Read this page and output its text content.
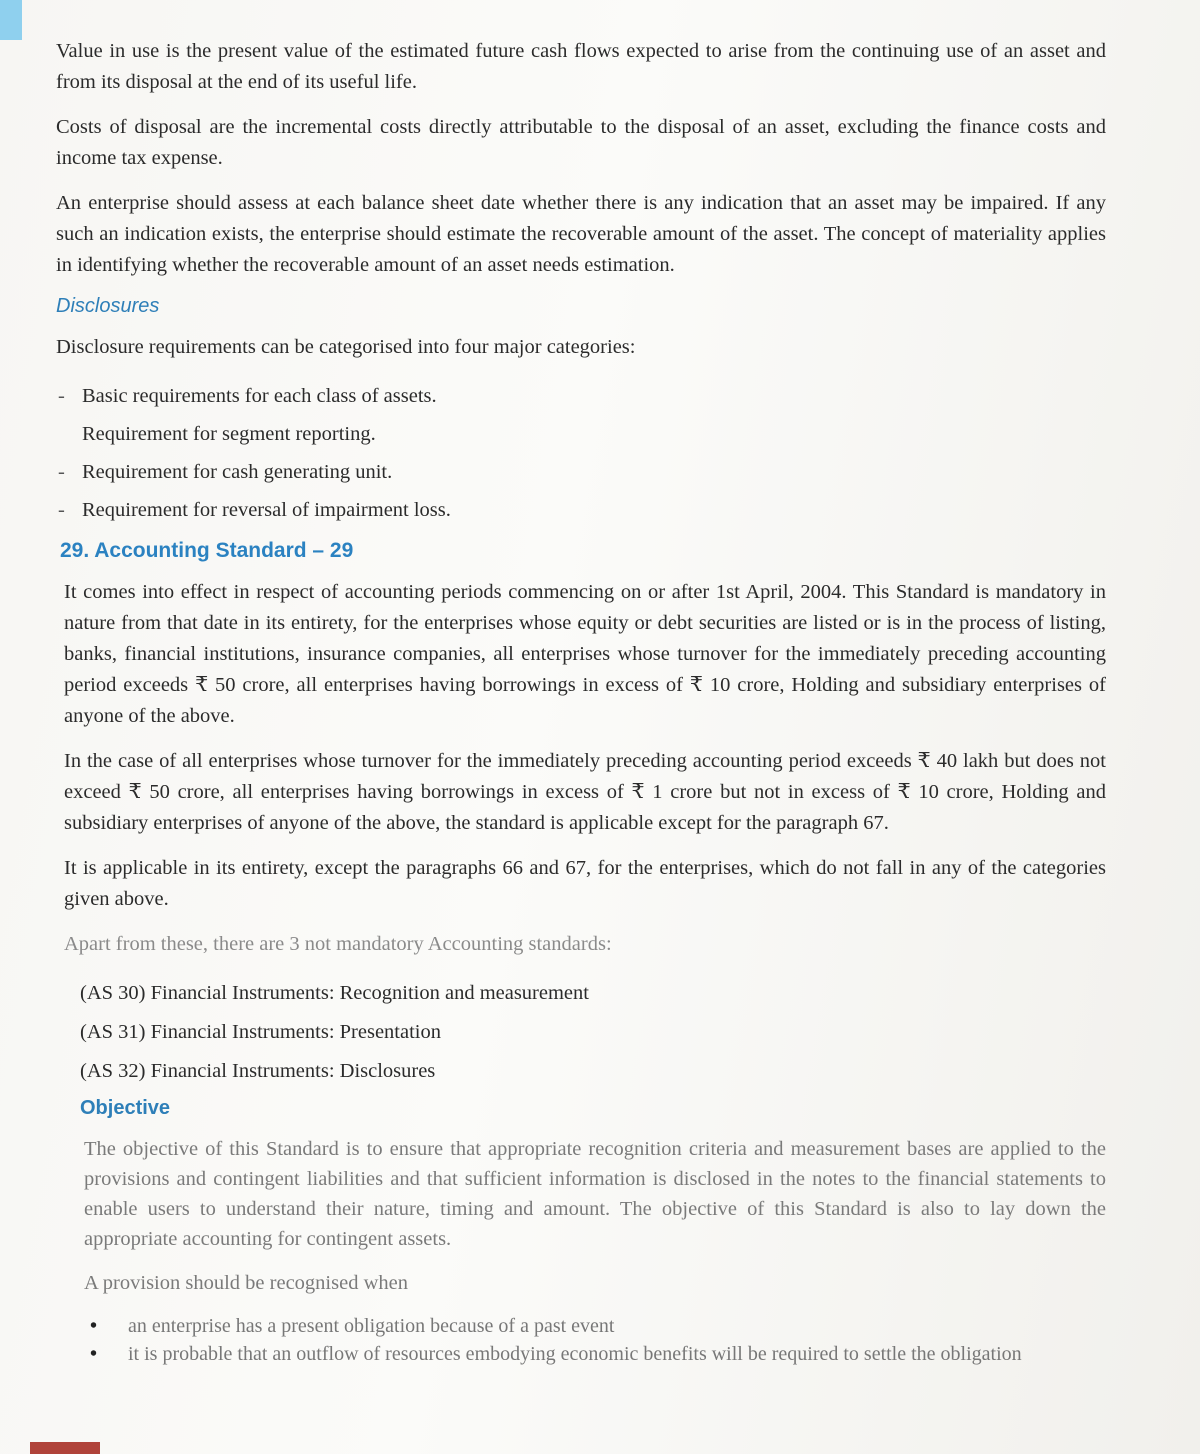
Value in use is the present value of the estimated future cash flows expected to arise from the continuing use of an asset and from its disposal at the end of its useful life.

Costs of disposal are the incremental costs directly attributable to the disposal of an asset, excluding the finance costs and income tax expense.

An enterprise should assess at each balance sheet date whether there is any indication that an asset may be impaired. If any such an indication exists, the enterprise should estimate the recoverable amount of the asset. The concept of materiality applies in identifying whether the recoverable amount of an asset needs estimation.

Disclosures

Disclosure requirements can be categorised into four major categories:

- Basic requirements for each class of assets.
Requirement for segment reporting.
- Requirement for cash generating unit.
- Requirement for reversal of impairment loss.
29. Accounting Standard – 29

It comes into effect in respect of accounting periods commencing on or after 1st April, 2004. This Standard is mandatory in nature from that date in its entirety, for the enterprises whose equity or debt securities are listed or is in the process of listing, banks, financial institutions, insurance companies, all enterprises whose turnover for the immediately preceding accounting period exceeds ₹ 50 crore, all enterprises having borrowings in excess of ₹ 10 crore, Holding and subsidiary enterprises of anyone of the above.

In the case of all enterprises whose turnover for the immediately preceding accounting period exceeds ₹ 40 lakh but does not exceed ₹ 50 crore, all enterprises having borrowings in excess of ₹ 1 crore but not in excess of ₹ 10 crore, Holding and subsidiary enterprises of anyone of the above, the standard is applicable except for the paragraph 67.

It is applicable in its entirety, except the paragraphs 66 and 67, for the enterprises, which do not fall in any of the categories given above.

Apart from these, there are 3 not mandatory Accounting standards:

(AS 30) Financial Instruments: Recognition and measurement
(AS 31) Financial Instruments: Presentation
(AS 32) Financial Instruments: Disclosures
Objective

The objective of this Standard is to ensure that appropriate recognition criteria and measurement bases are applied to the provisions and contingent liabilities and that sufficient information is disclosed in the notes to the financial statements to enable users to understand their nature, timing and amount. The objective of this Standard is also to lay down the appropriate accounting for contingent assets.

A provision should be recognised when

• an enterprise has a present obligation because of a past event
• it is probable that an outflow of resources embodying economic benefits will be required to settle the obligation
